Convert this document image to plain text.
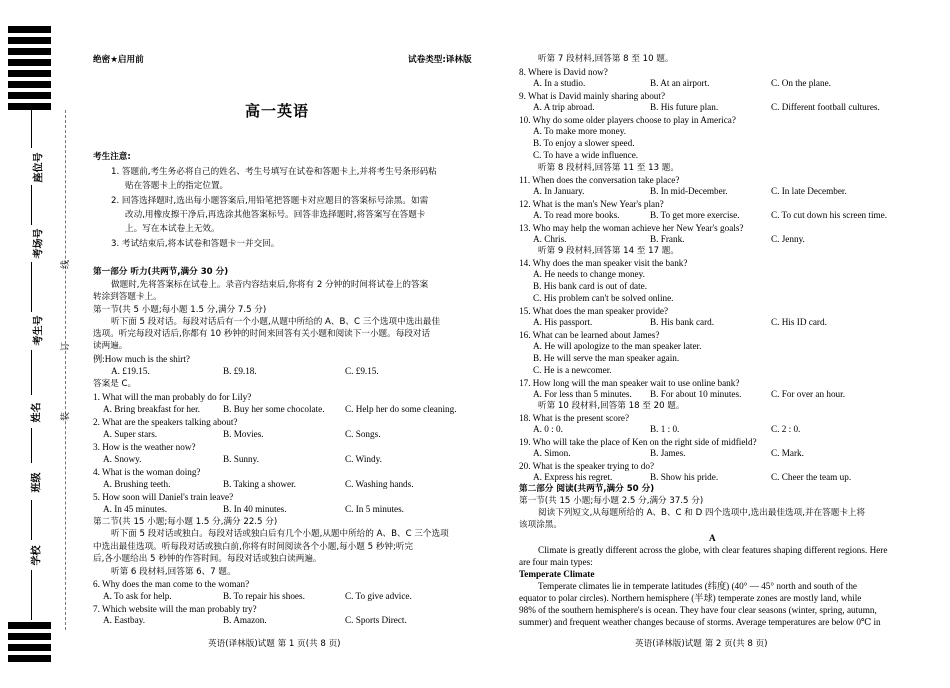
座位号
考场号
考生号
姓名
班级
学校
线
订
装
绝密★启用前	试卷类型:译林版
高一英语
考生注意:
1. 答题前,考生务必将自己的姓名、考生号填写在试卷和答题卡上,并将考生号条形码粘
贴在答题卡上的指定位置。
2. 回答选择题时,选出每小题答案后,用铅笔把答题卡对应题目的答案标号涂黑。如需
改动,用橡皮擦干净后,再选涂其他答案标号。回答非选择题时,将答案写在答题卡
上。写在本试卷上无效。
3. 考试结束后,将本试卷和答题卡一并交回。
第一部分 听力(共两节,满分 30 分)
做题时,先将答案标在试卷上。录音内容结束后,你将有 2 分钟的时间将试卷上的答案
转涂到答题卡上。
第一节(共 5 小题;每小题 1.5 分,满分 7.5 分)
听下面 5 段对话。每段对话后有一个小题,从题中所给的 A、B、C 三个选项中选出最佳
选项。听完每段对话后,你都有 10 秒钟的时间来回答有关小题和阅读下一小题。每段对话
读两遍。
例:How much is the shirt?
A. £19.15.	B. £9.18.	C. £9.15.
答案是 C。
1. What will the man probably do for Lily?
A. Bring breakfast for her.	B. Buy her some chocolate. C. Help her do some cleaning.
2. What are the speakers talking about?
A. Super stars.	B. Movies.	C. Songs.
3. How is the weather now?
A. Snowy.	B. Sunny.	C. Windy.
4. What is the woman doing?
A. Brushing teeth.	B. Taking a shower.	C. Washing hands.
5. How soon will Daniel's train leave?
A. In 45 minutes.	B. In 40 minutes.	C. In 5 minutes.
第二节(共 15 小题;每小题 1.5 分,满分 22.5 分)
听下面 5 段对话或独白。每段对话或独白后有几个小题,从题中所给的 A、B、C 三个选项
中选出最佳选项。听每段对话或独白前,你将有时间阅读各个小题,每小题 5 秒钟;听完
后,各小题给出 5 秒钟的作答时间。每段对话或独白读两遍。
听第 6 段材料,回答第 6、7 题。
6. Why does the man come to the woman?
A. To ask for help.	B. To repair his shoes.	C. To give advice.
7. Which website will the man probably try?
A. Eastbay.	B. Amazon.	C. Sports Direct.
英语(译林版)试题 第 1 页(共 8 页)
听第 7 段材料,回答第 8 至 10 题。
8. Where is David now?
A. In a studio.	B. At an airport.	C. On the plane.
9. What is David mainly sharing about?
A. A trip abroad.	B. His future plan.	C. Different football cultures.
10. Why do some older players choose to play in America?
A. To make more money.
B. To enjoy a slower speed.
C. To have a wide influence.
听第 8 段材料,回答第 11 至 13 题。
11. When does the conversation take place?
A. In January.	B. In mid-December.	C. In late December.
12. What is the man's New Year's plan?
A. To read more books.	B. To get more exercise.	C. To cut down his screen time.
13. Who may help the woman achieve her New Year's goals?
A. Chris.	B. Frank.	C. Jenny.
听第 9 段材料,回答第 14 至 17 题。
14. Why does the man speaker visit the bank?
A. He needs to change money.
B. His bank card is out of date.
C. His problem can't be solved online.
15. What does the man speaker provide?
A. His passport.	B. His bank card.	C. His ID card.
16. What can be learned about James?
A. He will apologize to the man speaker later.
B. He will serve the man speaker again.
C. He is a newcomer.
17. How long will the man speaker wait to use online bank?
A. For less than 5 minutes. B. For about 10 minutes.	C. For over an hour.
听第 10 段材料,回答第 18 至 20 题。
18. What is the present score?
A. 0 : 0.	B. 1 : 0.	C. 2 : 0.
19. Who will take the place of Ken on the right side of midfield?
A. Simon.	B. James.	C. Mark.
20. What is the speaker trying to do?
A. Express his regret.	B. Show his pride.	C. Cheer the team up.
第二部分 阅读(共两节,满分 50 分)
第一节(共 15 小题;每小题 2.5 分,满分 37.5 分)
阅读下列短文,从每题所给的 A、B、C 和 D 四个选项中,选出最佳选项,并在答题卡上将
该项涂黑。
A
Climate is greatly different across the globe, with clear features shaping different regions. Here
are four main types:
Temperate Climate
Temperate climates lie in temperate latitudes (纬度) (40° — 45° north and south of the
equator to polar circles). Northern hemisphere (半球) temperate zones are mostly land, while
98% of the southern hemisphere's is ocean. They have four clear seasons (winter, spring, autumn,
summer) and frequent weather changes because of storms. Average temperatures are below 0℃ in
英语(译林版)试题 第 2 页(共 8 页)
